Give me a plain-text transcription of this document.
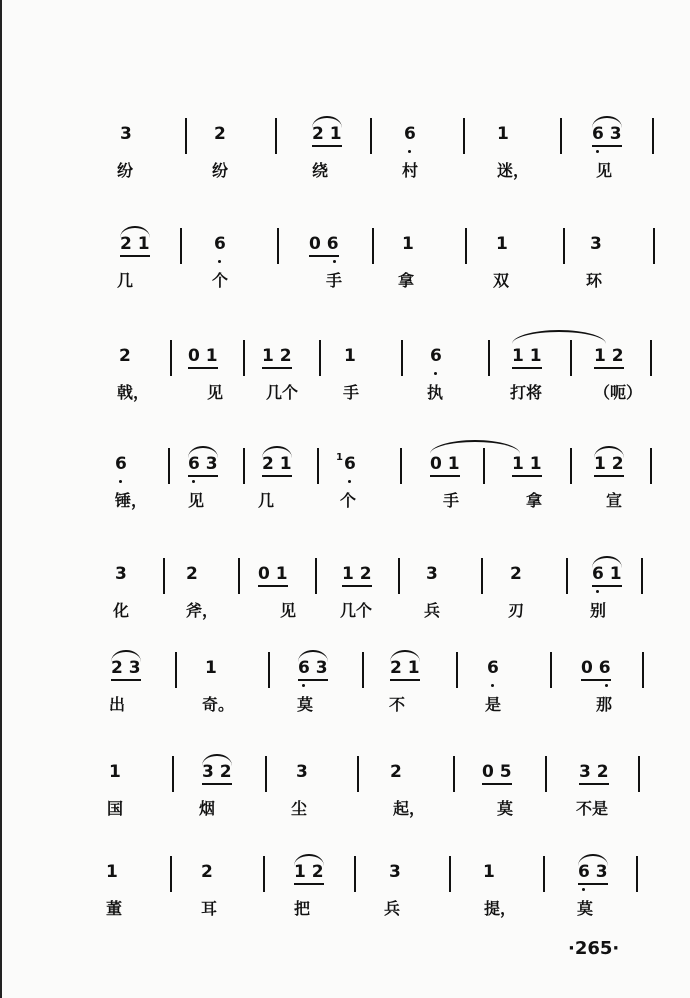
3	2	2 1	6	1	6 3
纷	纷	绕	村	迷，	见
2 1	6	0 6	1	1	3
几	个	手	拿	双	环
2	0 1	1 2	1	6	1 1	1 2
戟，	见	几个	手	执	打将	（呃）
6	6 3	2 1	$^1$6	0 1	1 1	1 2
锤，	见	几	个	手	拿	宣
3	2	0 1	1 2	3	2	6 1
化	斧，	见	几个	兵	刃	别
2 3	1	6 3	2 1	6	0 6
出	奇。	莫	不	是	那
1	3 2	3	2	0 5	3 2
国	烟	尘	起，	莫	不是
1	2	1 2	3	1	6 3
董	耳	把	兵	提，	莫
·265·
